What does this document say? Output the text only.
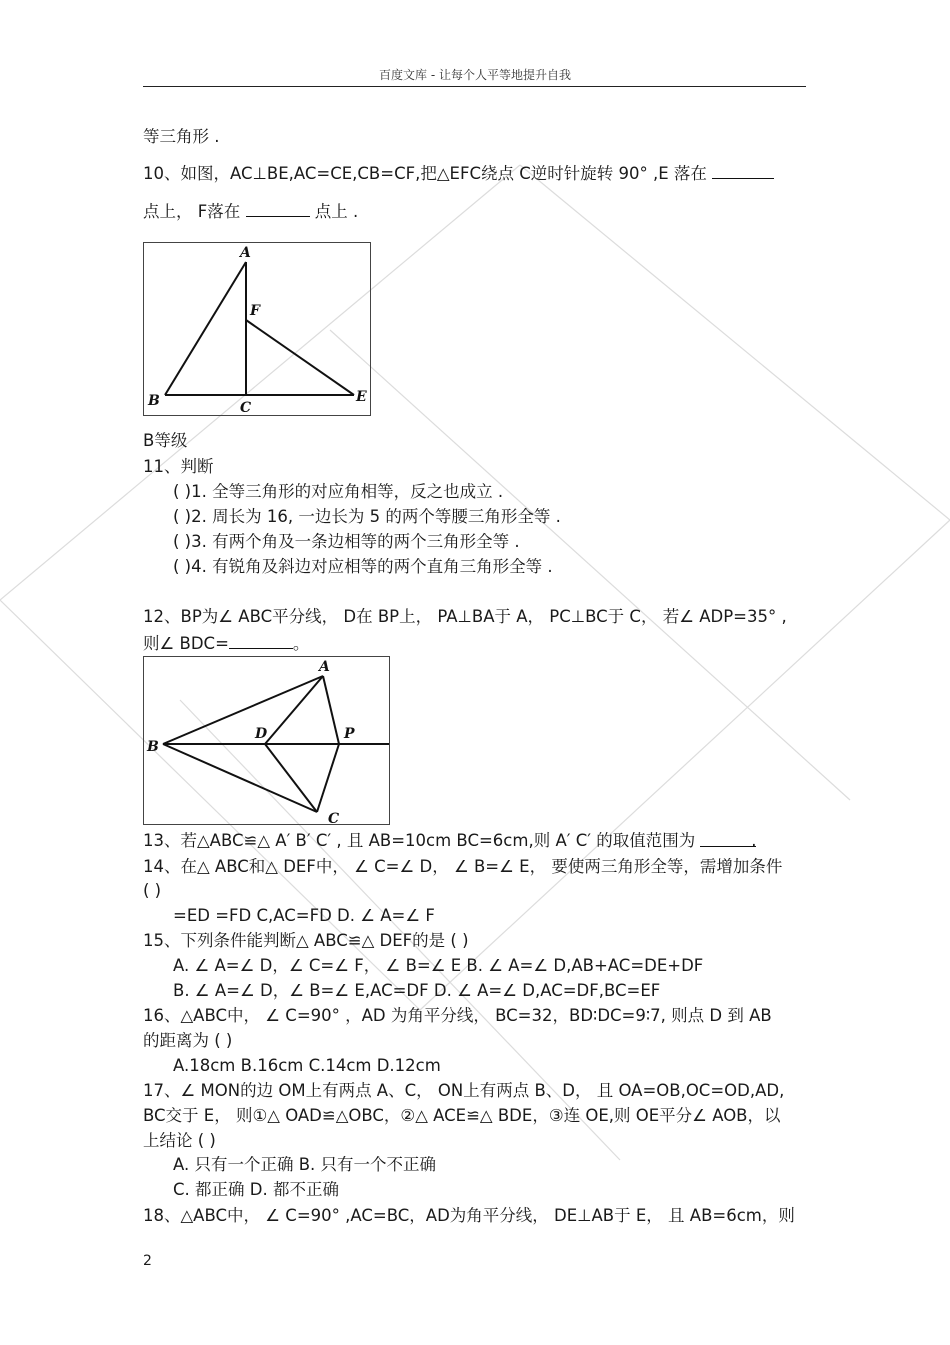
百度文库 - 让每个人平等地提升自我
等三角形 .
10、如图，AC⊥BE,AC=CE,CB=CF,把△EFC绕点 C逆时针旋转 90° ,E 落在
点上， F落在	点上 .
A
B	C
E
F
B等级
11、判断
( )1. 全等三角形的对应角相等，反之也成立 .
( )2. 周长为 16, 一边长为 5 的两个等腰三角形全等 .
( )3. 有两个角及一条边相等的两个三角形全等 .
( )4. 有锐角及斜边对应相等的两个直角三角形全等 .
12、BP为∠ ABC平分线， D在 BP上， PA⊥BA于 A， PC⊥BC于 C， 若∠ ADP=35° ,
则∠ BDC=	。
A
B
C
D	P
13、若△ABC≌△ A′ B′ C′ , 且 AB=10cm BC=6cm,则 A′ C′ 的取值范围为	.
14、在△ ABC和△ DEF中， ∠ C=∠ D， ∠ B=∠ E， 要使两三角形全等，需增加条件
( )
=ED =FD C,AC=FD D. ∠ A=∠ F
15、下列条件能判断△ ABC≌△ DEF的是 ( )
A. ∠ A=∠ D，∠ C=∠ F， ∠ B=∠ E B. ∠ A=∠ D,AB+AC=DE+DF
B. ∠ A=∠ D，∠ B=∠ E,AC=DF D. ∠ A=∠ D,AC=DF,BC=EF
16、△ABC中， ∠ C=90° ，AD 为角平分线， BC=32，BD∶DC=9∶7, 则点 D 到 AB
的距离为 ( )
A.18cm B.16cm C.14cm D.12cm
17、∠ MON的边 OM上有两点 A、C， ON上有两点 B、D， 且 OA=OB,OC=OD,AD,
BC交于 E， 则①△ OAD≌△OBC，②△ ACE≌△ BDE，③连 OE,则 OE平分∠ AOB，以
上结论 ( )
A. 只有一个正确 B. 只有一个不正确
C. 都正确 D. 都不正确
18、△ABC中， ∠ C=90° ,AC=BC，AD为角平分线， DE⊥AB于 E， 且 AB=6cm，则
2
